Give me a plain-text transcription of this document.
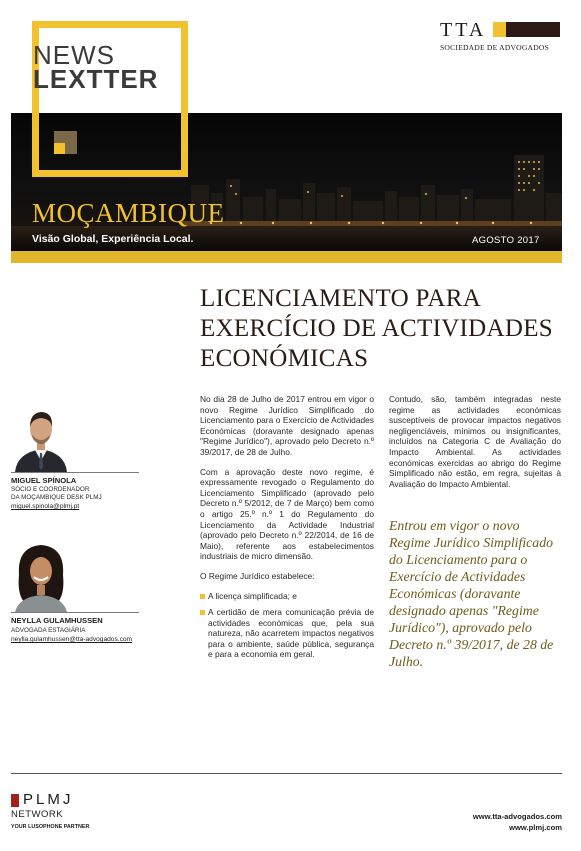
NEWS
LEXTTER
TTA
SOCIEDADE DE ADVOGADOS
MOÇAMBIQUE
Visão Global, Experiência Local.	AGOSTO 2017
LICENCIAMENTO PARA
EXERCÍCIO DE ACTIVIDADES
ECONÓMICAS
MIGUEL SPÍNOLA
SÓCIO E COORDENADOR
DA MOÇAMBIQUE DESK PLMJ
miguel.spinola@plmj.pt
NEYLLA GULAMHUSSEN
ADVOGADA ESTAGIÁRIA
neylla.gulamhussen@tta-advogados.com

No dia 28 de Julho de 2017 entrou em vigor o novo Regime Jurídico Simplificado do Licenciamento para o Exercício de Actividades Económicas (doravante designado apenas "Regime Jurídico"), aprovado pelo Decreto n.º 39/2017, de 28 de Julho.

Com a aprovação deste novo regime, é expressamente revogado o Regulamento do Licenciamento Simplificado (aprovado pelo Decreto n.º 5/2012, de 7 de Março) bem como o artigo 25.º n.º 1 do Regulamento do Licenciamento da Actividade Industrial (aprovado pelo Decreto n.º 22/2014, de 16 de Maio), referente aos estabelecimentos industriais de micro dimensão.

O Regime Jurídico estabelece:

A licença simplificada; e
A certidão de mera comunicação prévia de actividades económicas que, pela sua natureza, não acarretem impactos negativos para o ambiente, saúde pública, segurança e para a economia em geral.

Contudo, são, também integradas neste regime as actividades económicas susceptíveis de provocar impactos negativos negligenciáveis, mínimos ou insignificantes, incluídos na Categoria C de Avaliação do Impacto Ambiental. As actividades económicas exercidas ao abrigo do Regime Simplificado não estão, em regra, sujeitas à Avaliação do Impacto Ambiental.

Entrou em vigor o novo Regime Jurídico Simplificado do Licenciamento para o Exercício de Actividades Económicas (doravante designado apenas "Regime Jurídico"), aprovado pelo Decreto n.º 39/2017, de 28 de Julho.
PLMJ
NETWORK
YOUR LUSOPHONE PARTNER
www.tta-advogados.com
www.plmj.com
